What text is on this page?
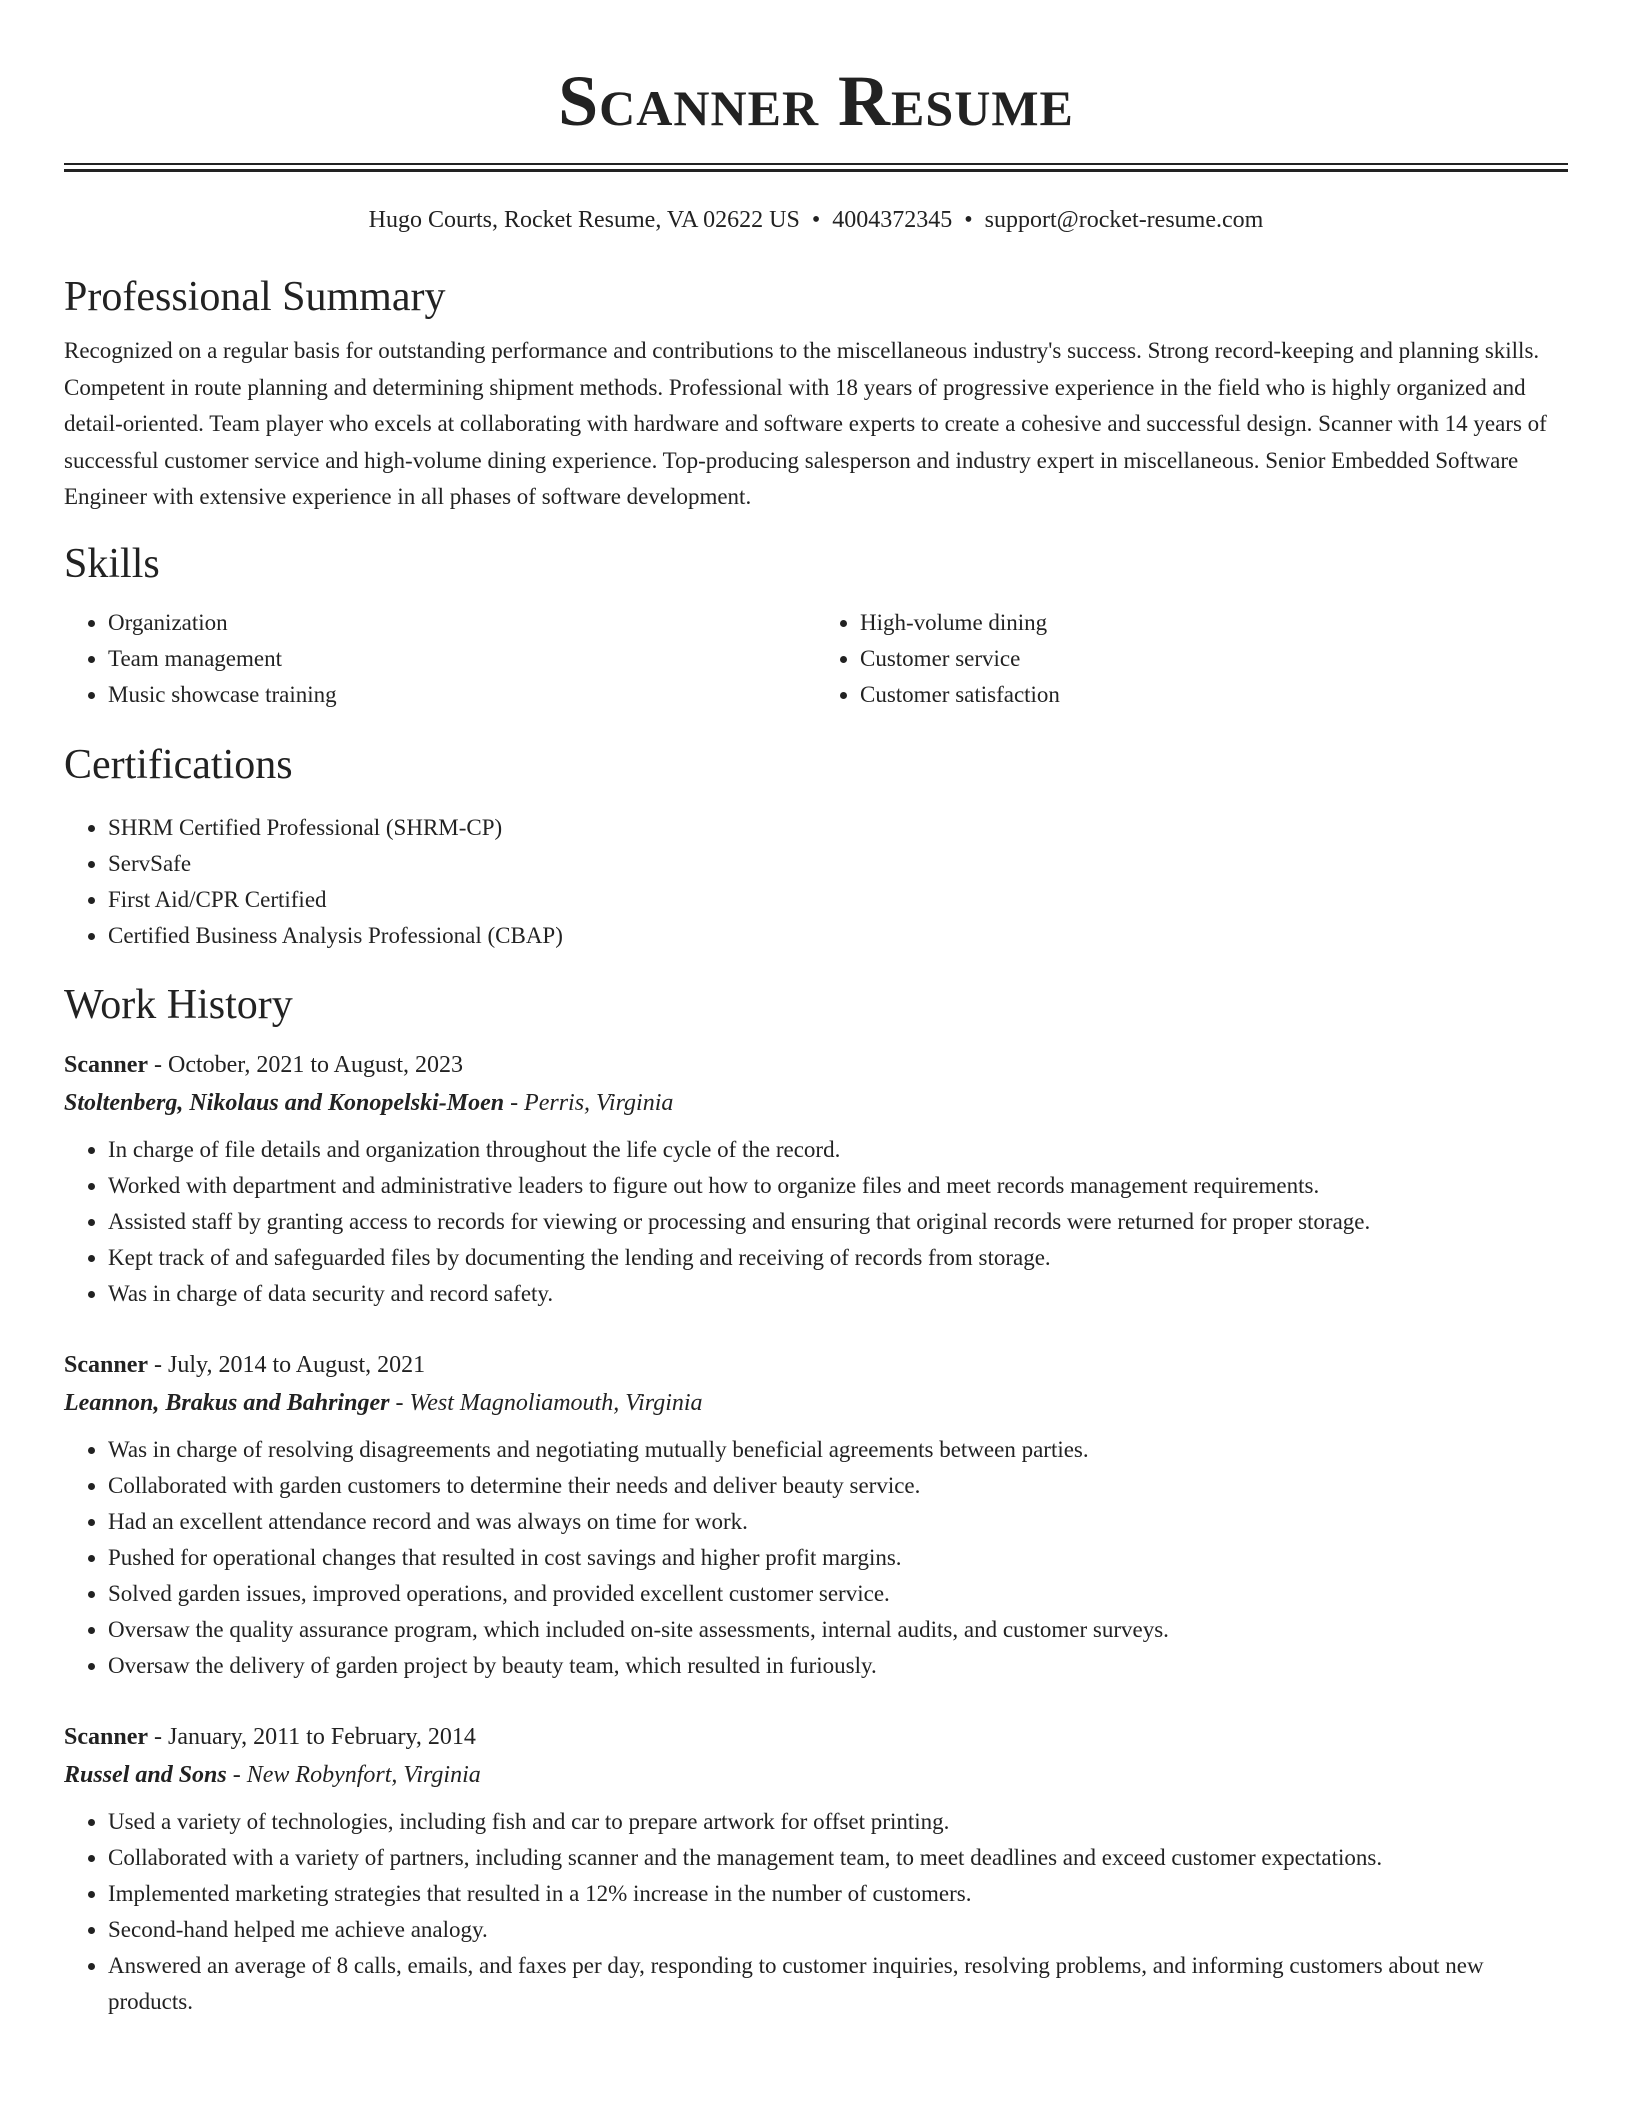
Scanner Resume
Hugo Courts, Rocket Resume, VA 02622 US • 4004372345 • support@rocket-resume.com
Professional Summary

Recognized on a regular basis for outstanding performance and contributions to the miscellaneous industry's success. Strong record-keeping and planning skills. Competent in route planning and determining shipment methods. Professional with 18 years of progressive experience in the field who is highly organized and detail-oriented. Team player who excels at collaborating with hardware and software experts to create a cohesive and successful design. Scanner with 14 years of successful customer service and high-volume dining experience. Top-producing salesperson and industry expert in miscellaneous. Senior Embedded Software Engineer with extensive experience in all phases of software development.

Skills
• Organization
• Team management
• Music showcase training
• High-volume dining
• Customer service
• Customer satisfaction
Certifications
• SHRM Certified Professional (SHRM-CP)
• ServSafe
• First Aid/CPR Certified
• Certified Business Analysis Professional (CBAP)
Work History
Scanner - October, 2021 to August, 2023
Stoltenberg, Nikolaus and Konopelski-Moen - Perris, Virginia
• In charge of file details and organization throughout the life cycle of the record.
• Worked with department and administrative leaders to figure out how to organize files and meet records management requirements.
• Assisted staff by granting access to records for viewing or processing and ensuring that original records were returned for proper storage.
• Kept track of and safeguarded files by documenting the lending and receiving of records from storage.
• Was in charge of data security and record safety.
Scanner - July, 2014 to August, 2021
Leannon, Brakus and Bahringer - West Magnoliamouth, Virginia
• Was in charge of resolving disagreements and negotiating mutually beneficial agreements between parties.
• Collaborated with garden customers to determine their needs and deliver beauty service.
• Had an excellent attendance record and was always on time for work.
• Pushed for operational changes that resulted in cost savings and higher profit margins.
• Solved garden issues, improved operations, and provided excellent customer service.
• Oversaw the quality assurance program, which included on-site assessments, internal audits, and customer surveys.
• Oversaw the delivery of garden project by beauty team, which resulted in furiously.
Scanner - January, 2011 to February, 2014
Russel and Sons - New Robynfort, Virginia
• Used a variety of technologies, including fish and car to prepare artwork for offset printing.
• Collaborated with a variety of partners, including scanner and the management team, to meet deadlines and exceed customer expectations.
• Implemented marketing strategies that resulted in a 12% increase in the number of customers.
• Second-hand helped me achieve analogy.
• Answered an average of 8 calls, emails, and faxes per day, responding to customer inquiries, resolving problems, and informing customers about new products.
